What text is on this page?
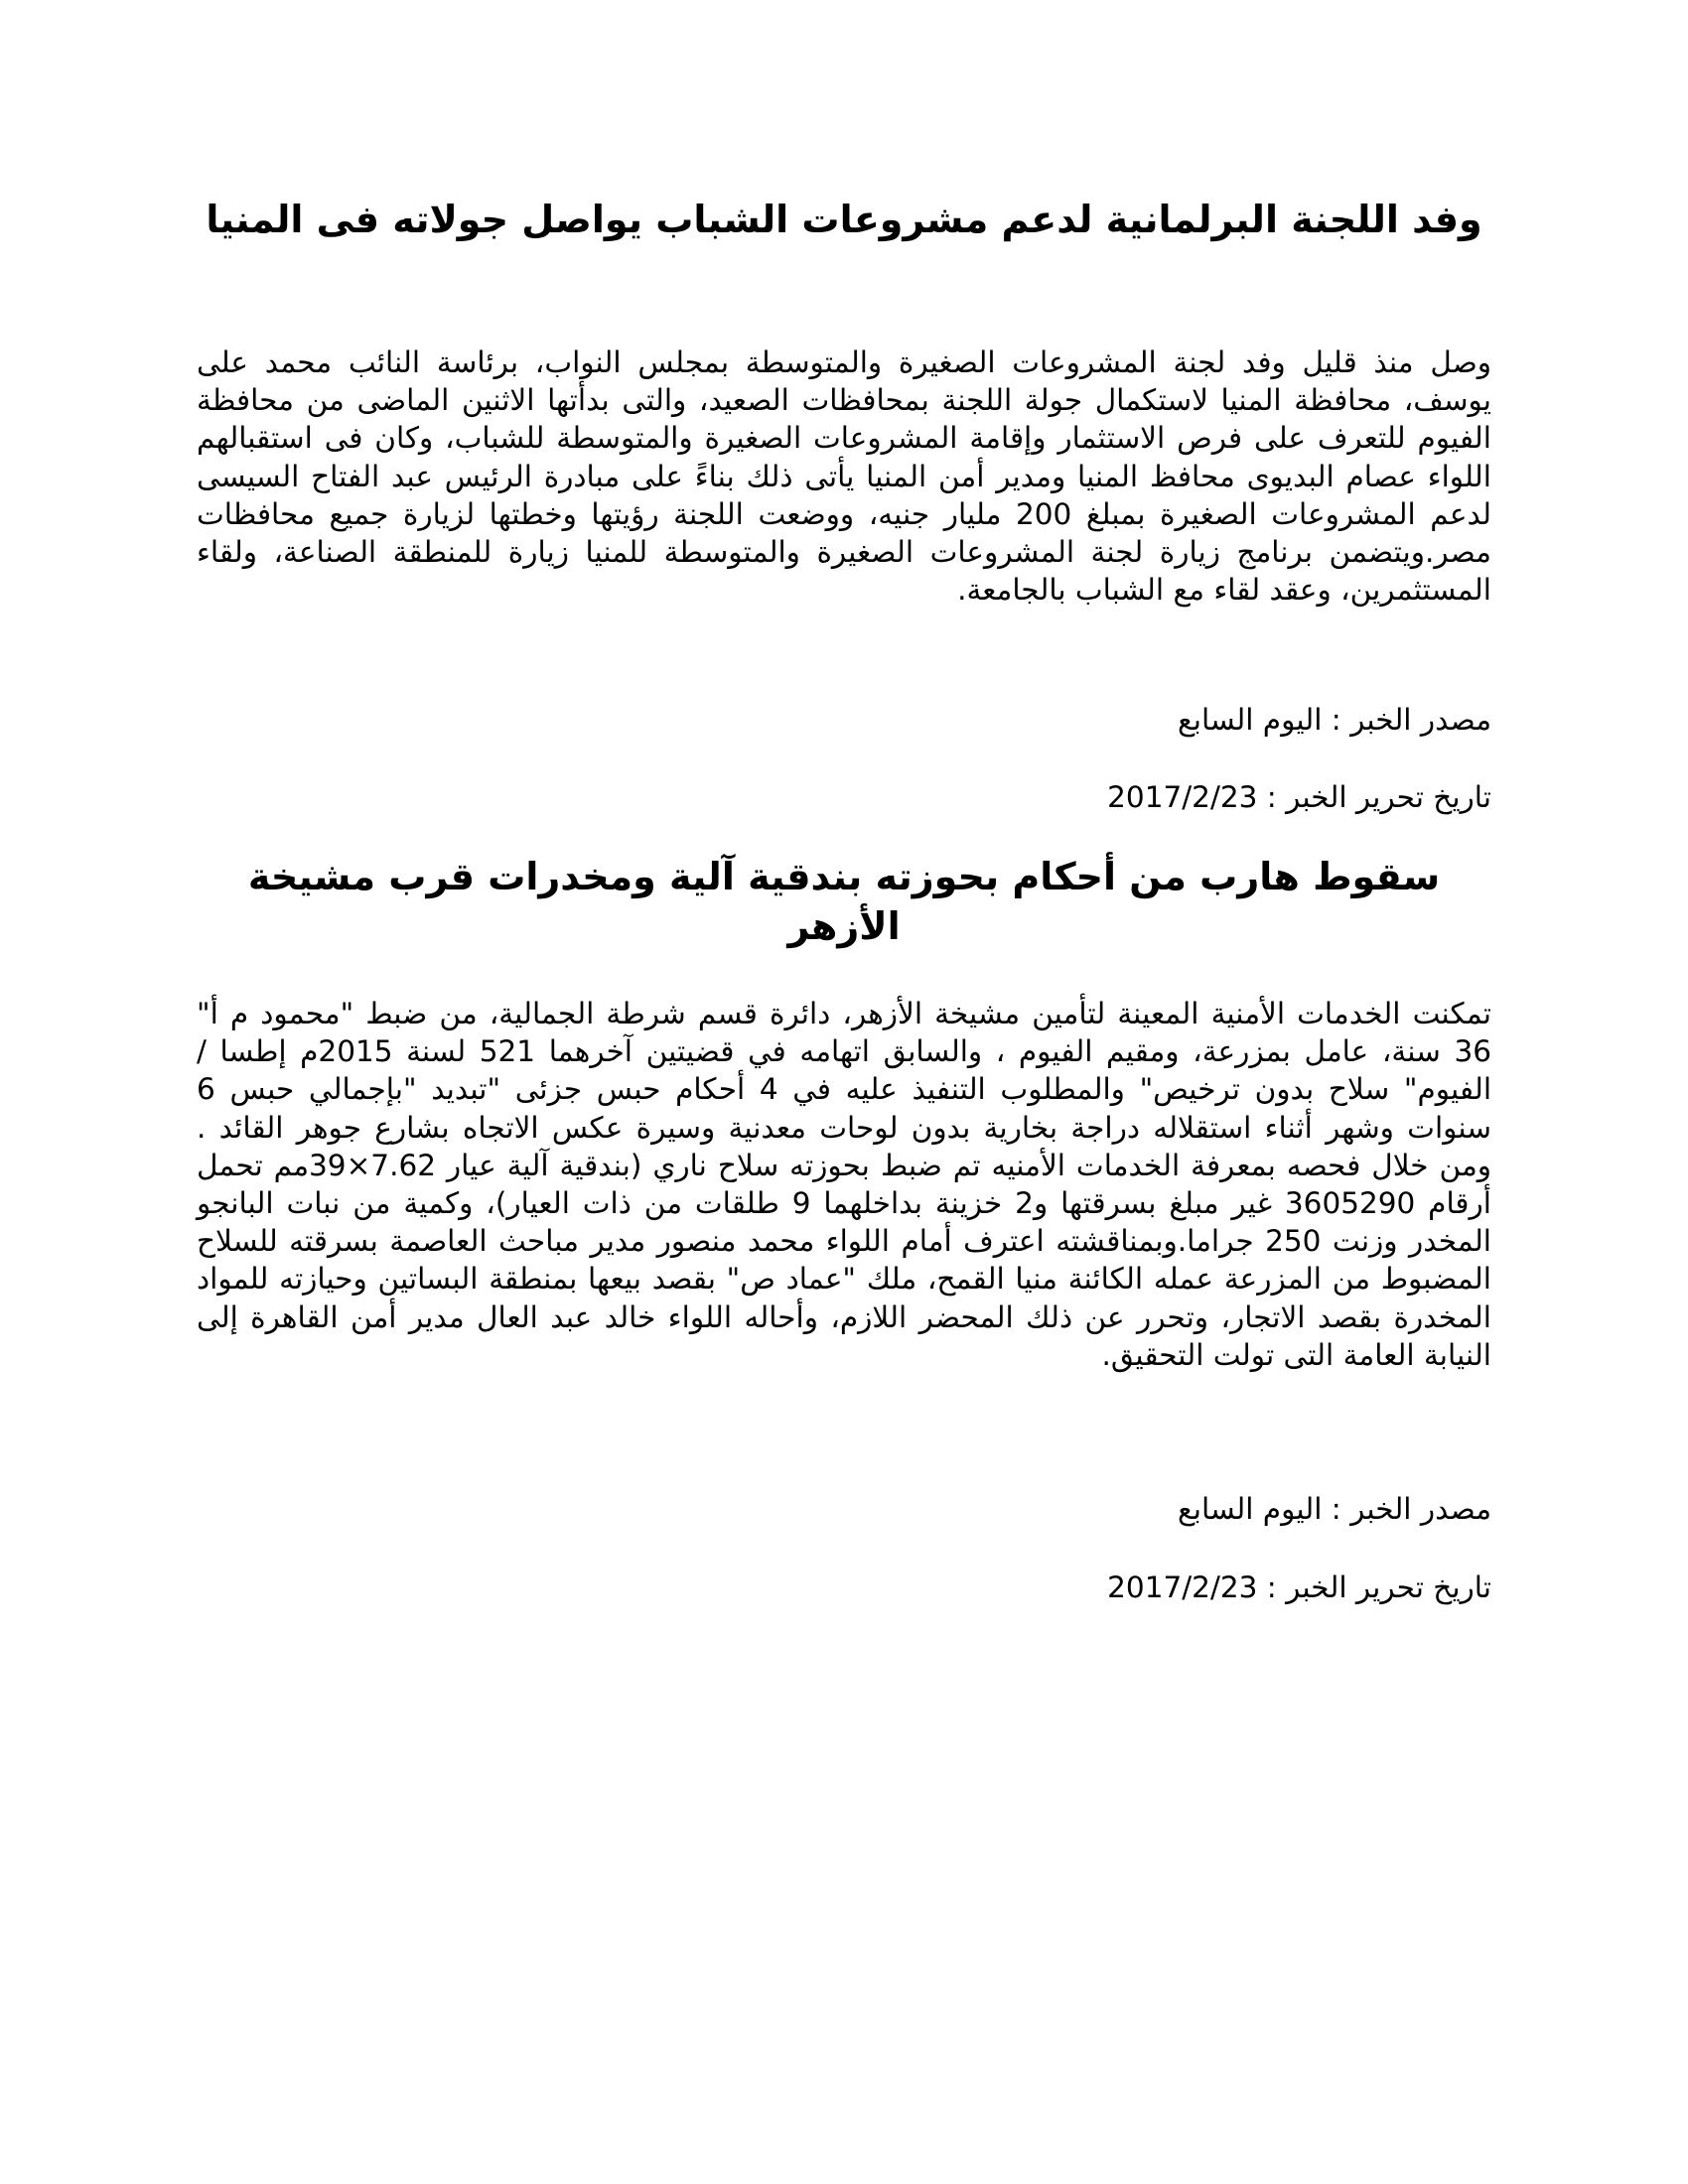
وفد اللجنة البرلمانية لدعم مشروعات الشباب يواصل جولاته فى المنيا

وصل منذ قليل وفد لجنة المشروعات الصغيرة والمتوسطة بمجلس النواب، برئاسة النائب محمد على يوسف، محافظة المنيا لاستكمال جولة اللجنة بمحافظات الصعيد، والتى بدأتها الاثنين الماضى من محافظة الفيوم للتعرف على فرص الاستثمار وإقامة المشروعات الصغيرة والمتوسطة للشباب، وكان فى استقبالهم اللواء عصام البديوى محافظ المنيا ومدير أمن المنيا يأتى ذلك بناءً على مبادرة الرئيس عبد الفتاح السيسى لدعم المشروعات الصغيرة بمبلغ 200 مليار جنيه، ووضعت اللجنة رؤيتها وخطتها لزيارة جميع محافظات مصر.ويتضمن برنامج زيارة لجنة المشروعات الصغيرة والمتوسطة للمنيا زيارة للمنطقة الصناعة، ولقاء المستثمرين، وعقد لقاء مع الشباب بالجامعة.

مصدر الخبر : اليوم السابع

تاريخ تحرير الخبر : 2017/2/23

سقوط هارب من أحكام بحوزته بندقية آلية ومخدرات قرب مشيخة الأزهر

تمكنت الخدمات الأمنية المعينة لتأمين مشيخة الأزهر، دائرة قسم شرطة الجمالية، من ضبط "محمود م أ" 36 سنة، عامل بمزرعة، ومقيم الفيوم ، والسابق اتهامه في قضيتين آخرهما 521 لسنة 2015م إطسا / الفيوم" سلاح بدون ترخيص" والمطلوب التنفيذ عليه في 4 أحكام حبس جزئى "تبديد "بإجمالي حبس 6 سنوات وشهر أثناء استقلاله دراجة بخارية بدون لوحات معدنية وسيرة عكس الاتجاه بشارع جوهر القائد . ومن خلال فحصه بمعرفة الخدمات الأمنيه تم ضبط بحوزته سلاح ناري (بندقية آلية عيار 7.62×39مم تحمل أرقام 3605290 غير مبلغ بسرقتها و2 خزينة بداخلهما 9 طلقات من ذات العيار)، وكمية من نبات البانجو المخدر وزنت 250 جراما.وبمناقشته اعترف أمام اللواء محمد منصور مدير مباحث العاصمة بسرقته للسلاح المضبوط من المزرعة عمله الكائنة منيا القمح، ملك "عماد ص" بقصد بيعها بمنطقة البساتين وحيازته للمواد المخدرة بقصد الاتجار، وتحرر عن ذلك المحضر اللازم، وأحاله اللواء خالد عبد العال مدير أمن القاهرة إلى النيابة العامة التى تولت التحقيق.

مصدر الخبر : اليوم السابع

تاريخ تحرير الخبر : 2017/2/23
